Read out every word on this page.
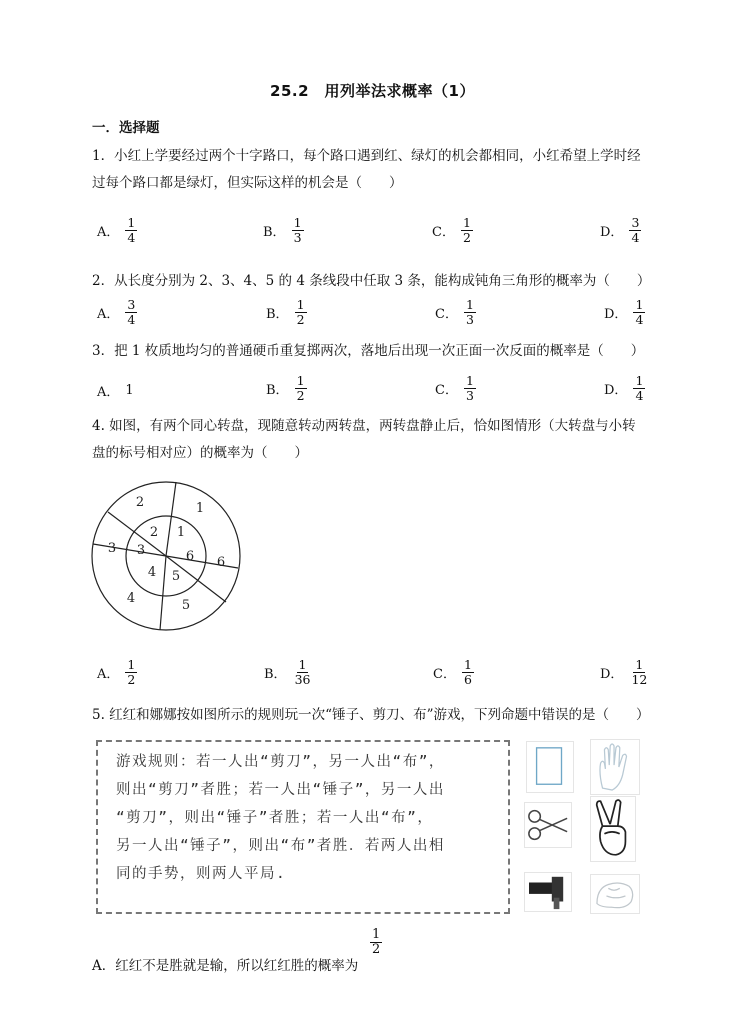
25.2　用列举法求概率（1）
一．选择题
1．小红上学要经过两个十字路口，每个路口遇到红、绿灯的机会都相同，小红希望上学时经
过每个路口都是绿灯，但实际这样的机会是（　　）
A． $\frac{1}{4}$	B． $\frac{1}{3}$	C． $\frac{1}{2}$	D． $\frac{3}{4}$
2．从长度分别为 2、3、4、5 的 4 条线段中任取 3 条，能构成钝角三角形的概率为（　　）
A． $\frac{3}{4}$	B． $\frac{1}{2}$	C． $\frac{1}{3}$	D． $\frac{1}{4}$
3．把 1 枚质地均匀的普通硬币重复掷两次，落地后出现一次正面一次反面的概率是（　　）
A． 1	B． $\frac{1}{2}$	C． $\frac{1}{3}$	D． $\frac{1}{4}$
4. 如图，有两个同心转盘，现随意转动两转盘，两转盘静止后，恰如图情形（大转盘与小转
盘的标号相对应）的概率为（　　）
1
2
3
4	5
6
1
2
3
4 5
6
A． $\frac{1}{2}$	B． $\frac{1}{36}$	C． $\frac{1}{6}$	D． $\frac{1}{12}$
5. 红红和娜娜按如图所示的规则玩一次“锤子、剪刀、布”游戏，下列命题中错误的是（　　）
游戏规则：若一人出“剪刀”，另一人出“布”，
则出“剪刀”者胜；若一人出“锤子”，另一人出
“剪刀”，则出“锤子”者胜；若一人出“布”，
另一人出“锤子”，则出“布”者胜．若两人出相
同的手势，则两人平局.
$\frac{1}{2}$
A．红红不是胜就是输，所以红红胜的概率为
